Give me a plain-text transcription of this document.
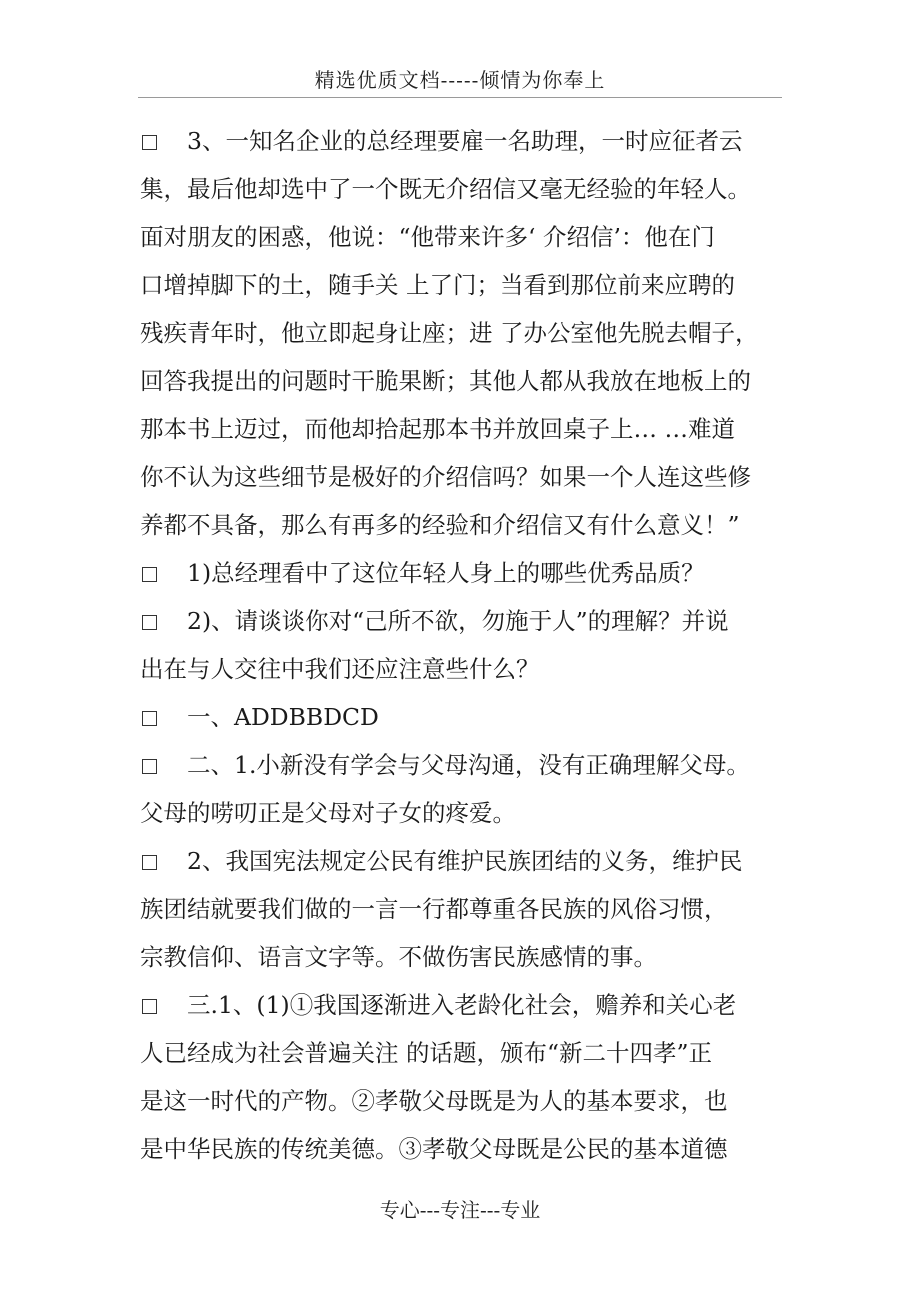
精选优质文档-----倾情为你奉上
3、一知名企业的总经理要雇一名助理，一时应征者云
集，最后他却选中了一个既无介绍信又毫无经验的年轻人。
面对朋友的困惑，他说：“他带来许多‘ 介绍信’：他在门
口增掉脚下的土，随手关 上了门；当看到那位前来应聘的
残疾青年时，他立即起身让座；进 了办公室他先脱去帽子，
回答我提出的问题时干脆果断；其他人都从我放在地板上的
那本书上迈过，而他却拾起那本书并放回桌子上… …难道
你不认为这些细节是极好的介绍信吗？如果一个人连这些修
养都不具备，那么有再多的经验和介绍信又有什么意义！”
1)总经理看中了这位年轻人身上的哪些优秀品质？
2)、请谈谈你对“己所不欲，勿施于人”的理解？并说
出在与人交往中我们还应注意些什么？
一、ADDBBDCD
二、1.小新没有学会与父母沟通，没有正确理解父母。
父母的唠叨正是父母对子女的疼爱。
2、我国宪法规定公民有维护民族团结的义务，维护民
族团结就要我们做的一言一行都尊重各民族的风俗习惯，
宗教信仰、语言文字等。不做伤害民族感情的事。
三.1、(1)①我国逐渐进入老龄化社会，赡养和关心老
人已经成为社会普遍关注 的话题，颁布“新二十四孝”正
是这一时代的产物。②孝敬父母既是为人的基本要求，也
是中华民族的传统美德。③孝敬父母既是公民的基本道德
专心---专注---专业
